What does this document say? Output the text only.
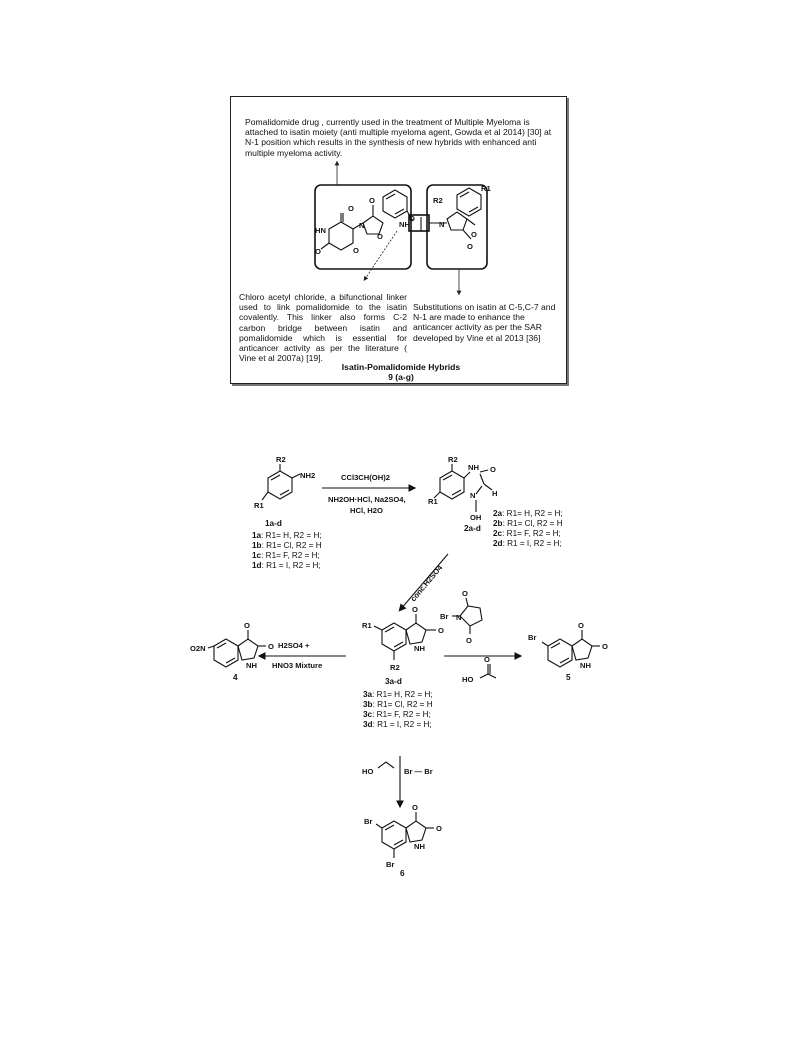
Pomalidomide drug , currently used in the treatment of Multiple Myeloma is attached to isatin moiety (anti multiple myeloma agent, Gowda et al 2014) [30] at N-1 position which results in the synthesis of new hybrids with enhanced anti multiple myeloma activity.
O
O
HN
N
O
O
O
NH	N
O
O
O
R1
R2
Chloro acetyl chloride, a bifunctional linker used to link pomalidomide to the isatin covalently. This linker also forms C-2 carbon bridge between isatin and pomalidomide which is essential for anticancer activity as per the literature ( Vine et al 2007a) [19].
Substitutions on isatin at C-5,C-7 and N-1 are made to enhance the anticancer activity as per the SAR developed by Vine et al 2013 [36]
Isatin-Pomalidomide Hybrids
9 (a-g)
R2
NH2
R1
CCl3CH(OH)2
NH2OH·HCl, Na2SO4,
HCl, H2O
R2
NH O
N H
R1
OH
conc.H2SO4
O
O
NH
R1
R2
H2SO4 +
HNO3 Mixture
O
O
NH
O2N
O
Br N
O
HO
O
O
O
NH
Br
HO	Br — Br
O
O
NH
Br
Br
1a-d
1a: R1= H, R2 = H;
1b: R1= Cl, R2 = H
1c: R1= F, R2 = H;
1d: R1 = I, R2 = H;
2a-d
2a: R1= H, R2 = H;
2b: R1= Cl, R2 = H
2c: R1= F, R2 = H;
2d: R1 = I, R2 = H;
3a-d
3a: R1= H, R2 = H;
3b: R1= Cl, R2 = H
3c: R1= F, R2 = H;
3d: R1 = I, R2 = H;
4	5
6
